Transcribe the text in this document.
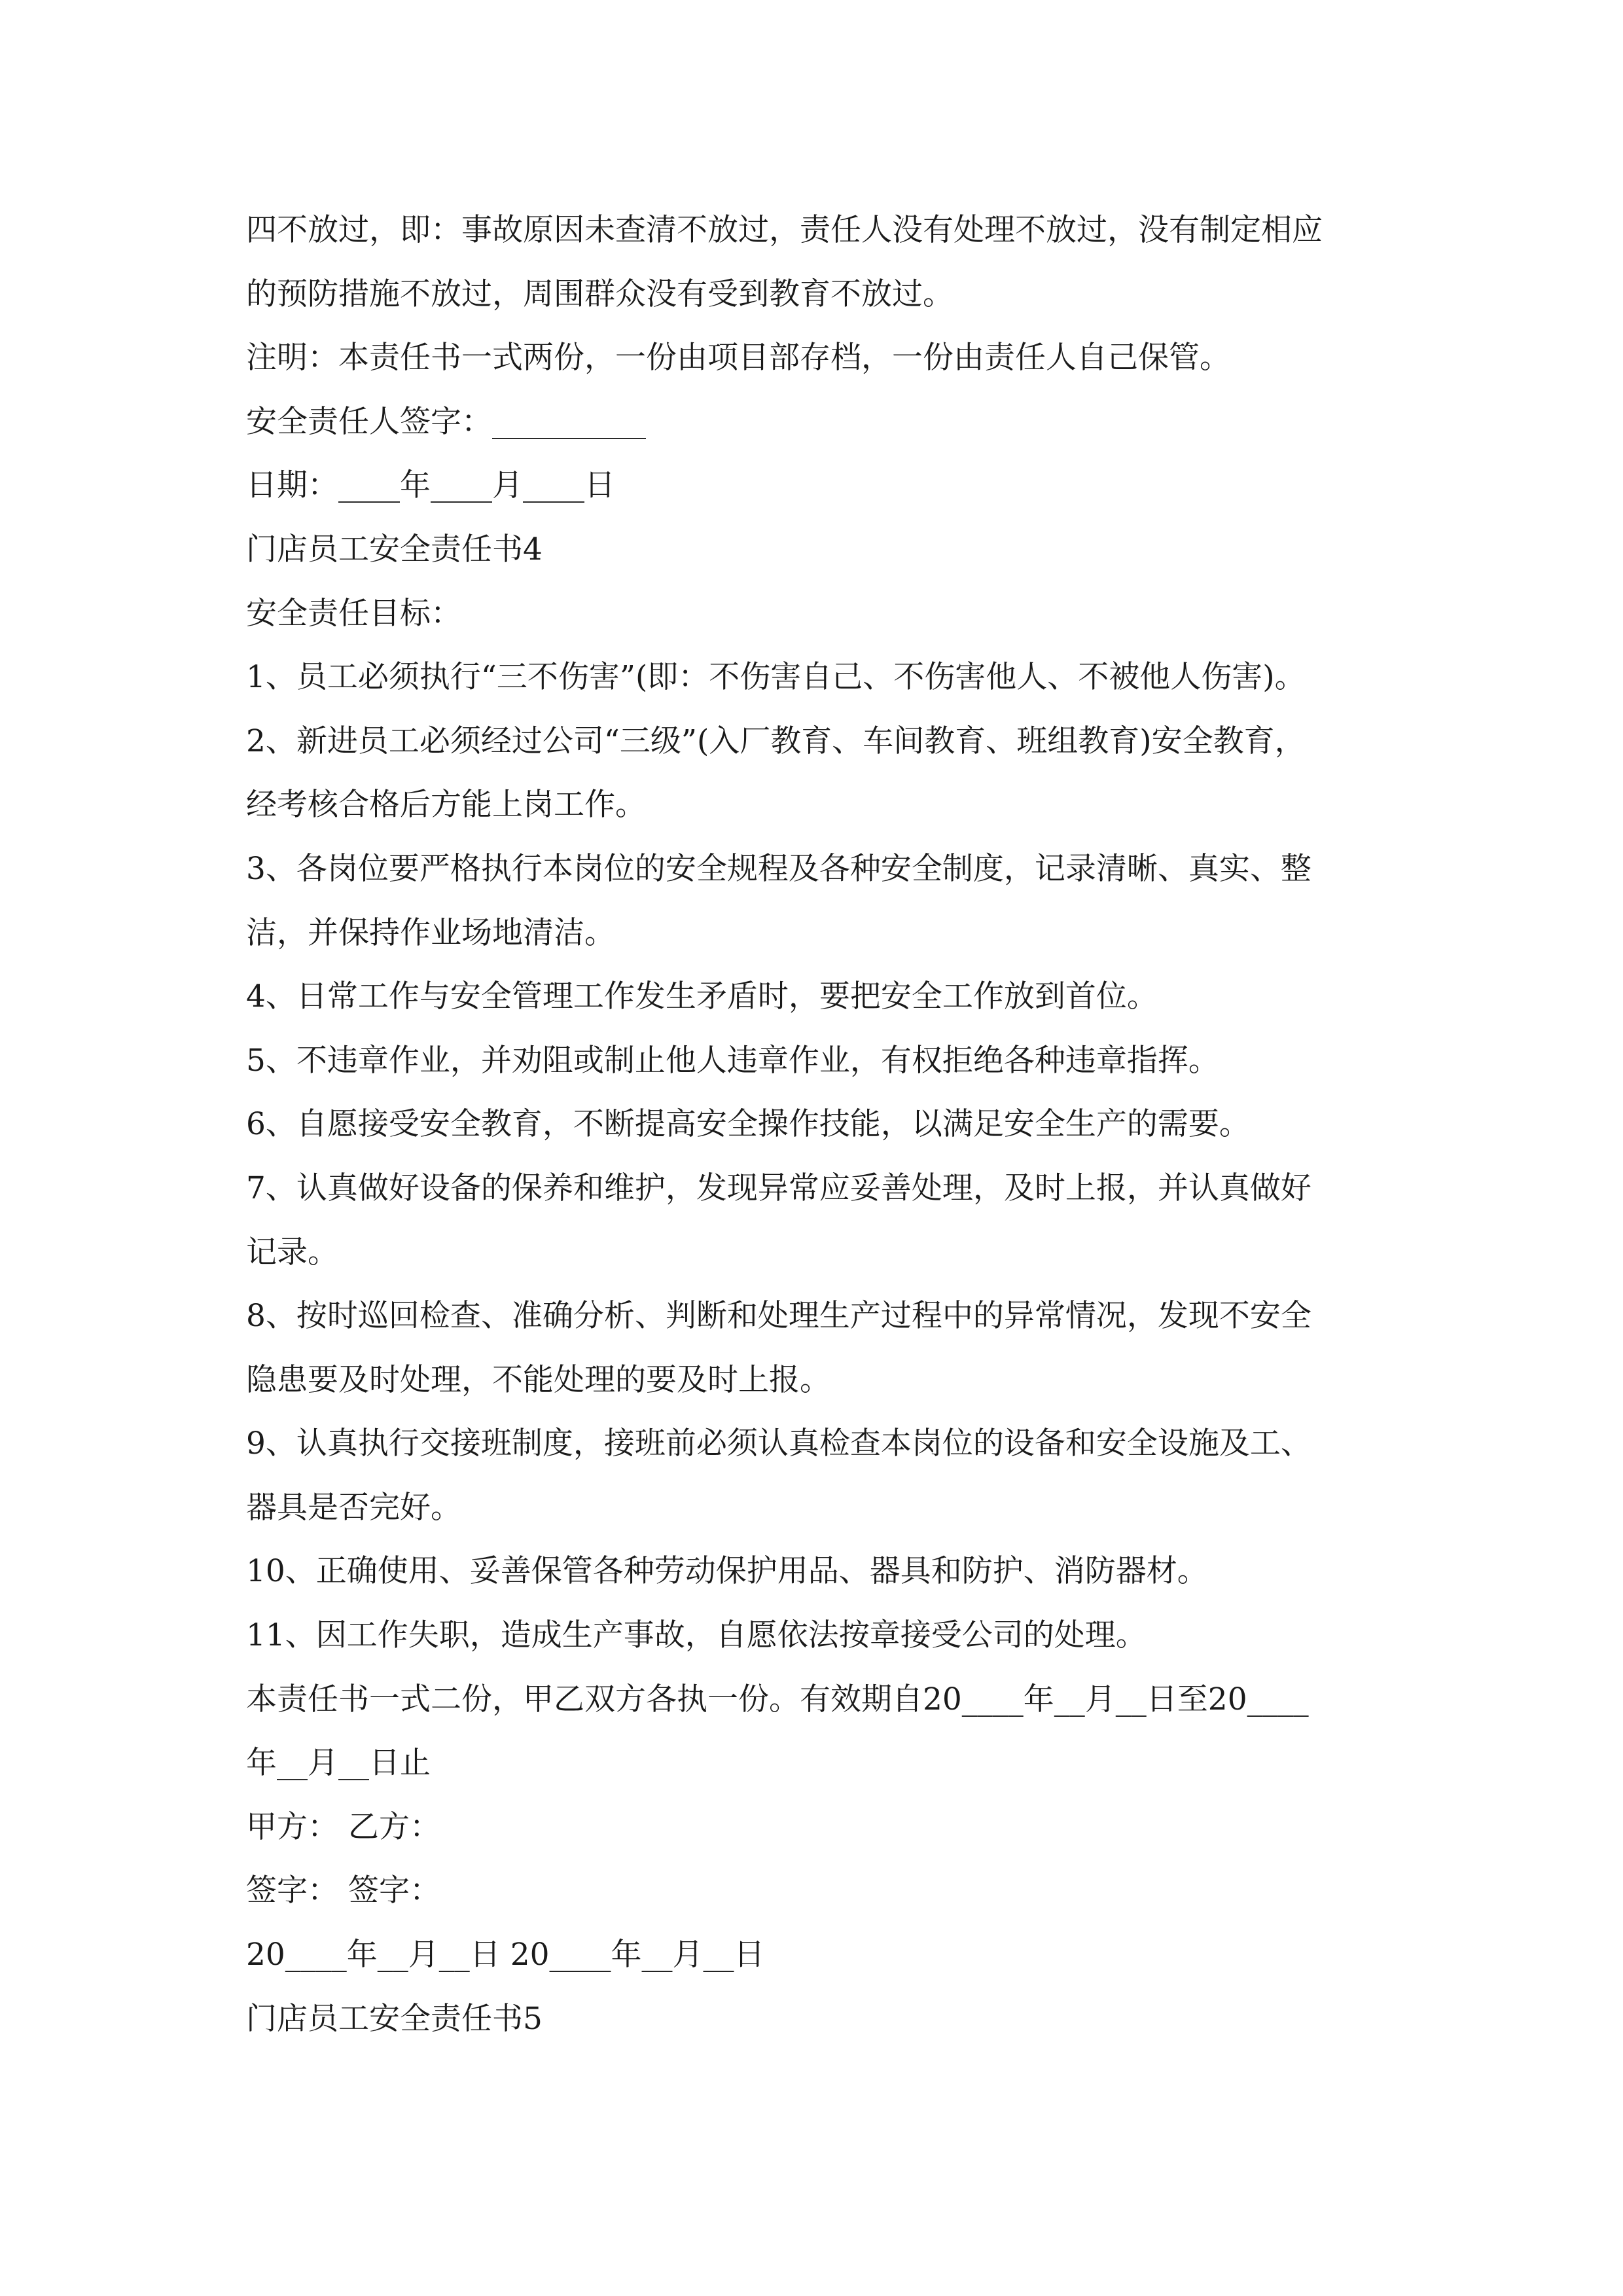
四不放过，即：事故原因未查清不放过，责任人没有处理不放过，没有制定相应

的预防措施不放过，周围群众没有受到教育不放过。

注明：本责任书一式两份，一份由项目部存档，一份由责任人自己保管。

安全责任人签字：__________

日期：____年____月____日

门店员工安全责任书4

安全责任目标：

1、员工必须执行“三不伤害”(即：不伤害自己、不伤害他人、不被他人伤害)。

2、新进员工必须经过公司“三级”(入厂教育、车间教育、班组教育)安全教育，

经考核合格后方能上岗工作。

3、各岗位要严格执行本岗位的安全规程及各种安全制度，记录清晰、真实、整

洁，并保持作业场地清洁。

4、日常工作与安全管理工作发生矛盾时，要把安全工作放到首位。

5、不违章作业，并劝阻或制止他人违章作业，有权拒绝各种违章指挥。

6、自愿接受安全教育，不断提高安全操作技能，以满足安全生产的需要。

7、认真做好设备的保养和维护，发现异常应妥善处理，及时上报，并认真做好

记录。

8、按时巡回检查、准确分析、判断和处理生产过程中的异常情况，发现不安全

隐患要及时处理，不能处理的要及时上报。

9、认真执行交接班制度，接班前必须认真检查本岗位的设备和安全设施及工、

器具是否完好。

10、正确使用、妥善保管各种劳动保护用品、器具和防护、消防器材。

11、因工作失职，造成生产事故，自愿依法按章接受公司的处理。

本责任书一式二份，甲乙双方各执一份。有效期自20____年__月__日至20____

年__月__日止

甲方： 乙方：

签字： 签字：

20____年__月__日 20____年__月__日

门店员工安全责任书5
